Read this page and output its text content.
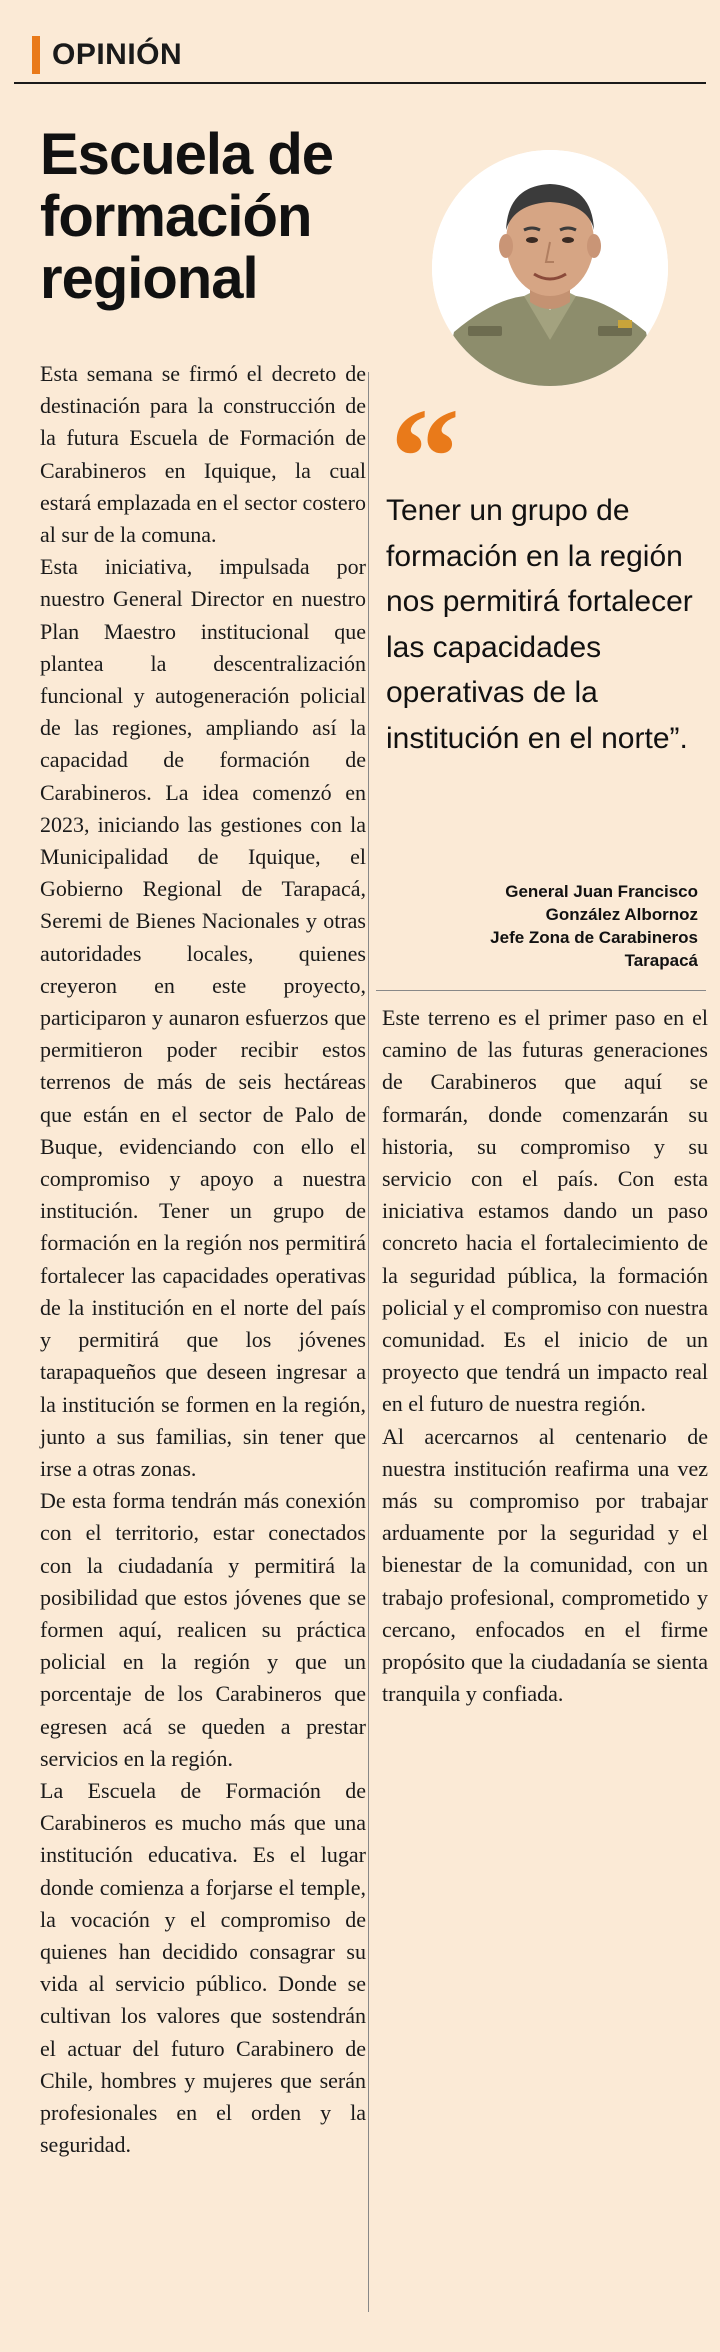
OPINIÓN
Escuela de formación regional
“
Tener un grupo de formación en la región nos permitirá fortalecer las capacidades operativas de la institución en el norte”.
General Juan Francisco
González Albornoz
Jefe Zona de Carabineros
Tarapacá

Esta semana se firmó el decreto de destinación para la construcción de la futura Escuela de Formación de Carabineros en Iquique, la cual estará emplazada en el sector costero al sur de la comuna.

Esta iniciativa, impulsada por nuestro General Director en nuestro Plan Maestro institucional que plantea la descentralización funcional y autogeneración policial de las regiones, ampliando así la capacidad de formación de Carabineros. La idea comenzó en 2023, iniciando las gestiones con la Municipalidad de Iquique, el Gobierno Regional de Tarapacá, Seremi de Bienes Nacionales y otras autoridades locales, quienes creyeron en este proyecto, participaron y aunaron esfuerzos que permitieron poder recibir estos terrenos de más de seis hectáreas que están en el sector de Palo de Buque, evidenciando con ello el compromiso y apoyo a nuestra institución. Tener un grupo de formación en la región nos permitirá fortalecer las capacidades operativas de la institución en el norte del país y permitirá que los jóvenes tarapaqueños que deseen ingresar a la institución se formen en la región, junto a sus familias, sin tener que irse a otras zonas.

De esta forma tendrán más conexión con el territorio, estar conectados con la ciudadanía y permitirá la posibilidad que estos jóvenes que se formen aquí, realicen su práctica policial en la región y que un porcentaje de los Carabineros que egresen acá se queden a prestar servicios en la región.

La Escuela de Formación de Carabineros es mucho más que una institución educativa. Es el lugar donde comienza a forjarse el temple, la vocación y el compromiso de quienes han decidido consagrar su vida al servicio público. Donde se cultivan los valores que sostendrán el actuar del futuro Carabinero de Chile, hombres y mujeres que serán profesionales en el orden y la seguridad.

Este terreno es el primer paso en el camino de las futuras generaciones de Carabineros que aquí se formarán, donde comenzarán su historia, su compromiso y su servicio con el país. Con esta iniciativa estamos dando un paso concreto hacia el fortalecimiento de la seguridad pública, la formación policial y el compromiso con nuestra comunidad. Es el inicio de un proyecto que tendrá un impacto real en el futuro de nuestra región.

Al acercarnos al centenario de nuestra institución reafirma una vez más su compromiso por trabajar arduamente por la seguridad y el bienestar de la comunidad, con un trabajo profesional, comprometido y cercano, enfocados en el firme propósito que la ciudadanía se sienta tranquila y confiada.
